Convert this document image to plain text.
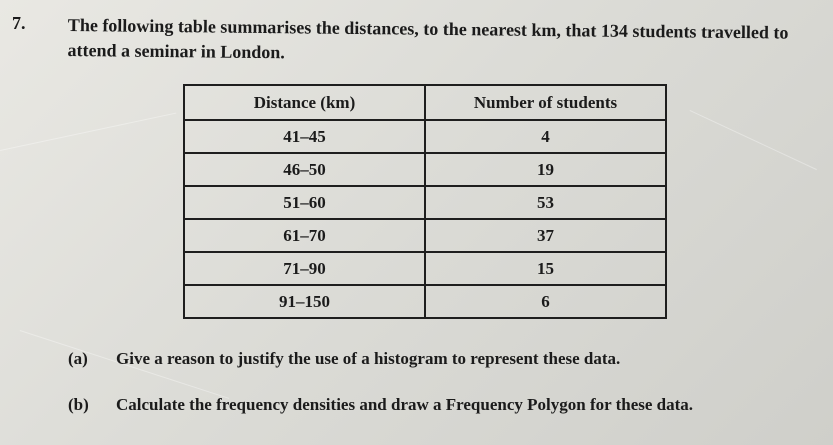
7. The following table summarises the distances, to the nearest km, that 134 students travelled to attend a seminar in London.
Distance (km)	Number of students
41–45	4
46–50	19
51–60	53
61–70	37
71–90	15
91–150	6
(a) Give a reason to justify the use of a histogram to represent these data.
(b) Calculate the frequency densities and draw a Frequency Polygon for these data.
